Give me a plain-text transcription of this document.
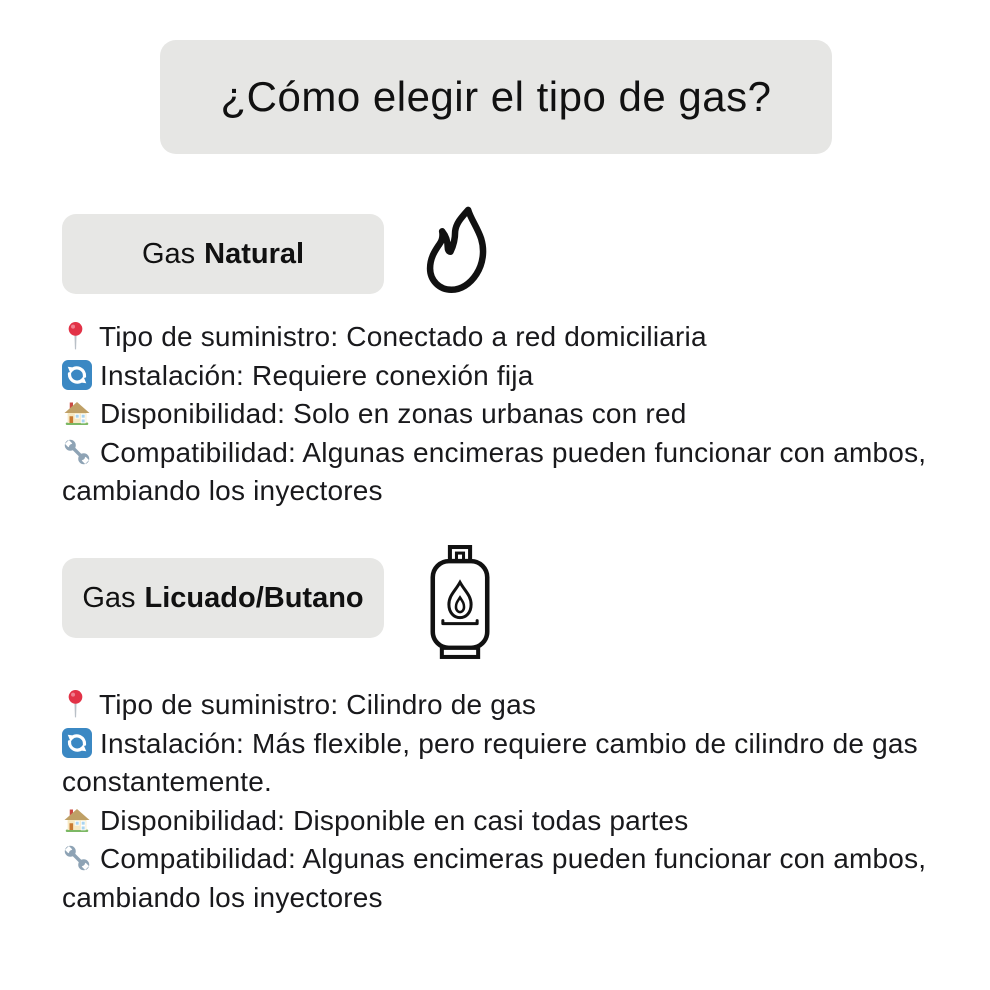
¿Cómo elegir el tipo de gas?
Gas Natural

Tipo de suministro: Conectado a red domiciliaria

Instalación: Requiere conexión fija

Disponibilidad: Solo en zonas urbanas con red

Compatibilidad: Algunas encimeras pueden funcionar con ambos, cambiando los inyectores

Gas Licuado/Butano

Tipo de suministro: Cilindro de gas

Instalación: Más flexible, pero requiere cambio de cilindro de gas constantemente.

Disponibilidad: Disponible en casi todas partes

Compatibilidad: Algunas encimeras pueden funcionar con ambos, cambiando los inyectores
